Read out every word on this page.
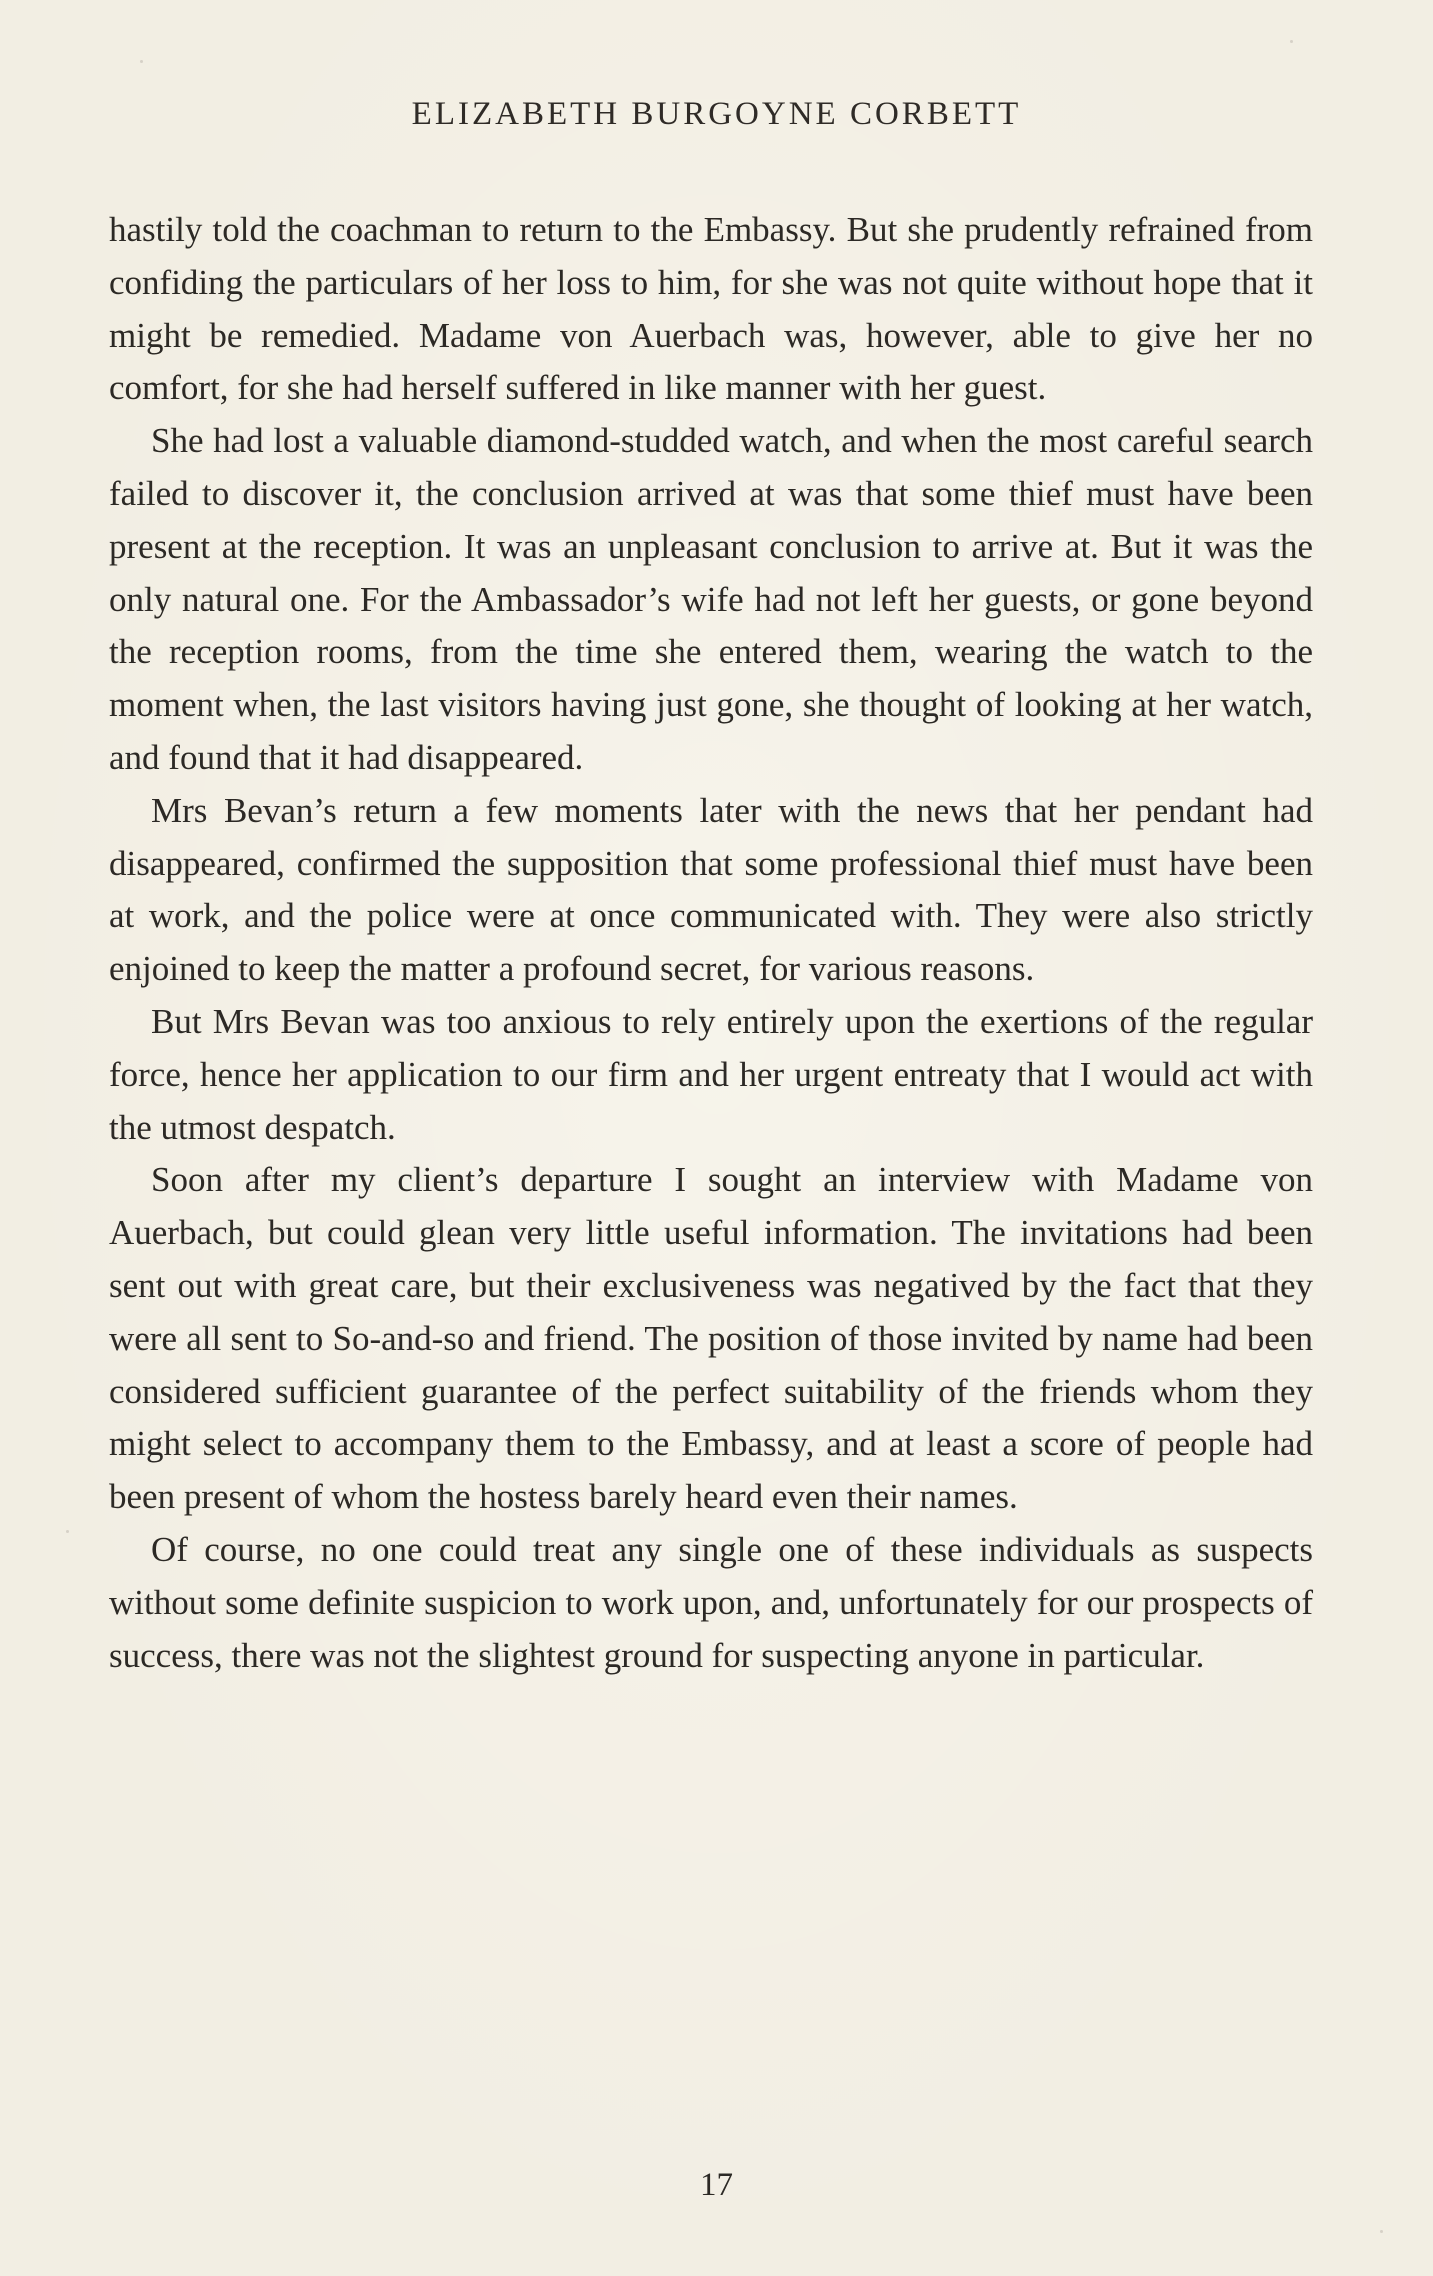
ELIZABETH BURGOYNE CORBETT

hastily told the coachman to return to the Embassy. But she prudently refrained from confiding the particulars of her loss to him, for she was not quite without hope that it might be remedied. Madame von Auerbach was, however, able to give her no comfort, for she had herself suffered in like manner with her guest.

She had lost a valuable diamond-studded watch, and when the most careful search failed to discover it, the conclusion arrived at was that some thief must have been present at the reception. It was an unpleasant conclusion to arrive at. But it was the only natural one. For the Ambassador’s wife had not left her guests, or gone beyond the reception rooms, from the time she entered them, wearing the watch to the moment when, the last visitors having just gone, she thought of looking at her watch, and found that it had disappeared.

Mrs Bevan’s return a few moments later with the news that her pendant had disappeared, confirmed the supposition that some professional thief must have been at work, and the police were at once communicated with. They were also strictly enjoined to keep the matter a profound secret, for various reasons.

But Mrs Bevan was too anxious to rely entirely upon the exertions of the regular force, hence her application to our firm and her urgent entreaty that I would act with the utmost despatch.

Soon after my client’s departure I sought an interview with Madame von Auerbach, but could glean very little useful information. The invitations had been sent out with great care, but their exclusiveness was negatived by the fact that they were all sent to So-and-so and friend. The position of those invited by name had been considered sufficient guarantee of the perfect suitability of the friends whom they might select to accompany them to the Embassy, and at least a score of people had been present of whom the hostess barely heard even their names.

Of course, no one could treat any single one of these individuals as suspects without some definite suspicion to work upon, and, unfortunately for our prospects of success, there was not the slightest ground for suspecting anyone in particular.

17
